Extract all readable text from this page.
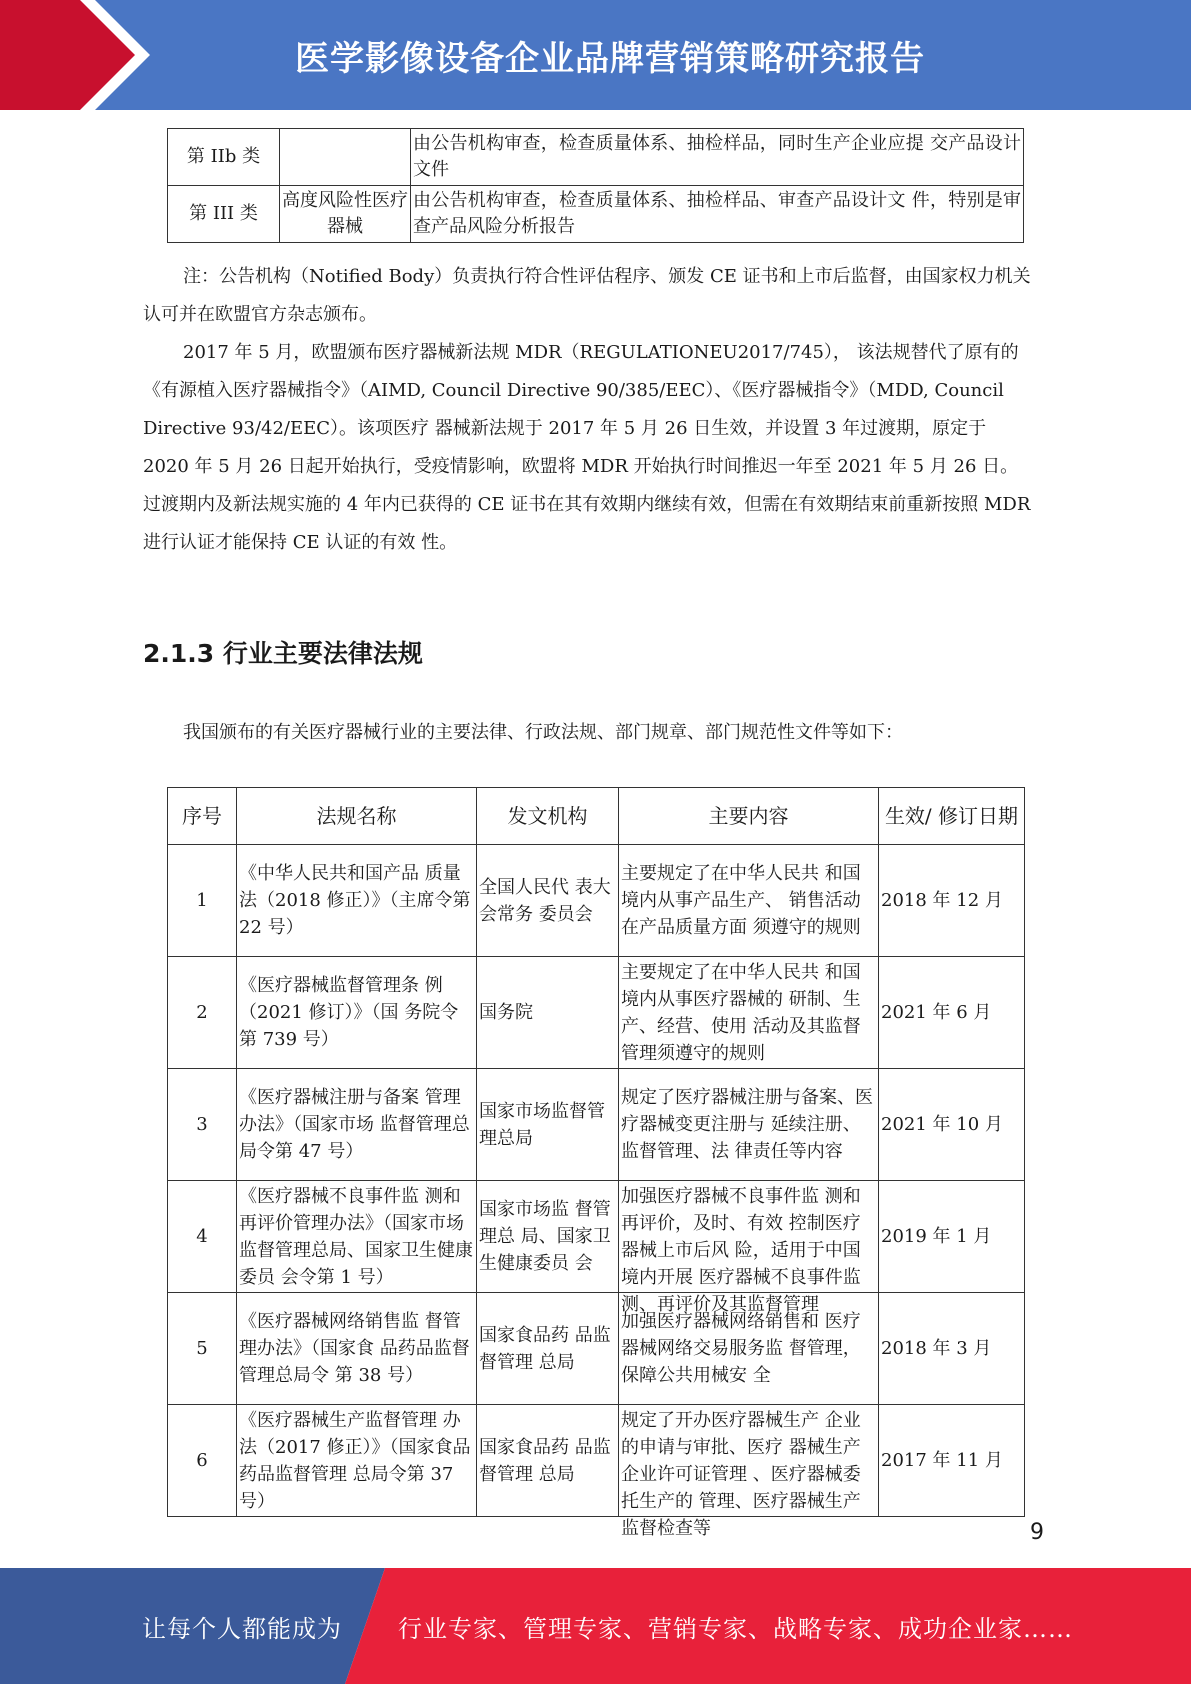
医学影像设备企业品牌营销策略研究报告
第 IIb 类		由公告机构审查，检查质量体系、抽检样品，同时生产企业应提 交产品设计文件
第 III 类	高度风险性医疗器械	由公告机构审查，检查质量体系、抽检样品、审查产品设计文 件，特别是审查产品风险分析报告

注：公告机构（Notified Body）负责执行符合性评估程序、颁发 CE 证书和上市后监督，由国家权力机关认可并在欧盟官方杂志颁布。

2017 年 5 月，欧盟颁布医疗器械新法规 MDR（REGULATIONEU2017/745）， 该法规替代了原有的《有源植入医疗器械指令》（AIMD, Council Directive 90/385/EEC）、《医疗器械指令》（MDD, Council Directive 93/42/EEC）。该项医疗 器械新法规于 2017 年 5 月 26 日生效，并设置 3 年过渡期，原定于 2020 年 5 月 26 日起开始执行，受疫情影响，欧盟将 MDR 开始执行时间推迟一年至 2021 年 5 月 26 日。过渡期内及新法规实施的 4 年内已获得的 CE 证书在其有效期内继续有效，但需在有效期结束前重新按照 MDR 进行认证才能保持 CE 认证的有效 性。

2.1.3 行业主要法律法规
我国颁布的有关医疗器械行业的主要法律、行政法规、部门规章、部门规范性文件等如下：
序号	法规名称	发文机构	主要内容	生效/ 修订日期
1	《中华人民共和国产品 质量法（2018 修正）》（主席令第 22 号）	全国人民代 表大会常务 委员会	主要规定了在中华人民共 和国境内从事产品生产、 销售活动在产品质量方面 须遵守的规则	2018 年 12 月
2	《医疗器械监督管理条 例（2021 修订）》（国 务院令第 739 号）	国务院	主要规定了在中华人民共 和国境内从事医疗器械的 研制、生产、经营、使用 活动及其监督管理须遵守的规则	2021 年 6 月
3	《医疗器械注册与备案 管理办法》（国家市场 监督管理总局令第 47 号）	国家市场监督管理总局	规定了医疗器械注册与备案、医疗器械变更注册与 延续注册、监督管理、法 律责任等内容	2021 年 10 月
4	《医疗器械不良事件监 测和再评价管理办法》（国家市场监督管理总局、国家卫生健康委员 会令第 1 号）	国家市场监 督管理总 局、国家卫 生健康委员 会	加强医疗器械不良事件监 测和再评价，及时、有效 控制医疗器械上市后风 险，适用于中国境内开展 医疗器械不良事件监测、再评价及其监督管理	2019 年 1 月
5	《医疗器械网络销售监 督管理办法》（国家食 品药品监督管理总局令 第 38 号）	国家食品药 品监督管理 总局	加强医疗器械网络销售和 医疗器械网络交易服务监 督管理，保障公共用械安 全	2018 年 3 月
6	《医疗器械生产监督管理 办法（2017 修正）》（国家食品药品监督管理 总局令第 37 号）	国家食品药 品监督管理 总局	规定了开办医疗器械生产 企业的申请与审批、医疗 器械生产企业许可证管理 、医疗器械委托生产的 管理、医疗器械生产监督检查等	2017 年 11 月
9
让每个人都能成为 行业专家、管理专家、营销专家、战略专家、成功企业家……
